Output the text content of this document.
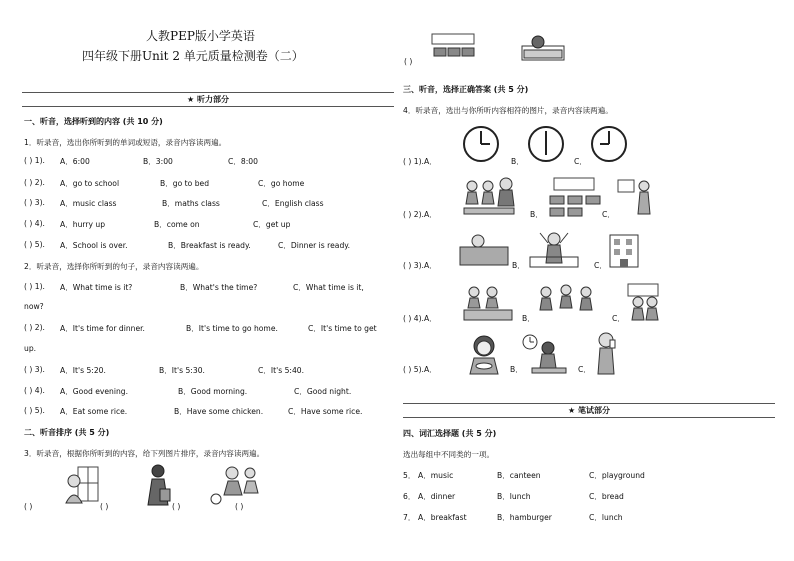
人教PEP版小学英语
四年级下册Unit 2 单元质量检测卷（二）
★ 听力部分
一、听音，选择听到的内容 (共 10 分)
1．听录音，选出你所听到的单词或短语，录音内容读两遍。
( ) 1). A．6:00	B．3:00	C．8:00
( ) 2). A．go to school	B．go to bed	C．go home
( ) 3). A．music class	B．maths class	C．English class
( ) 4). A．hurry up	B．come on	C．get up
( ) 5). A．School is over.	B．Breakfast is ready.	C．Dinner is ready.
2．听录音，选择你所听到的句子，录音内容读两遍。
( ) 1). A．What time is it?	B．What's the time?	C．What time is it,
now?
( ) 2). A．It's time for dinner.	B．It's time to go home.	C．It's time to get
up.
( ) 3). A．It's 5:20.	B．It's 5:30.	C．It's 5:40.
( ) 4). A．Good evening.	B．Good morning.	C．Good night.
( ) 5). A．Eat some rice.	B．Have some chicken.	C．Have some rice.
二、听音排序 (共 5 分)
3．听录音，根据你所听到的内容，给下列图片排序，录音内容读两遍。
( )	( )	( )	( )
( )
三、听音，选择正确答案 (共 5 分)
4．听录音，选出与你所听内容相符的图片，录音内容读两遍。
( ) 1).A．	B．	C．
( ) 2).A．	B．	C．
( ) 3).A．	B．	C．
( ) 4).A．	B．	C．
( ) 5).A．	B．	C．
★ 笔试部分
四、词汇选择题 (共 5 分)
选出每组中不同类的一项。
5． A．music	B．canteen	C．playground
6． A．dinner	B．lunch	C．bread
7． A．breakfast	B．hamburger	C．lunch
